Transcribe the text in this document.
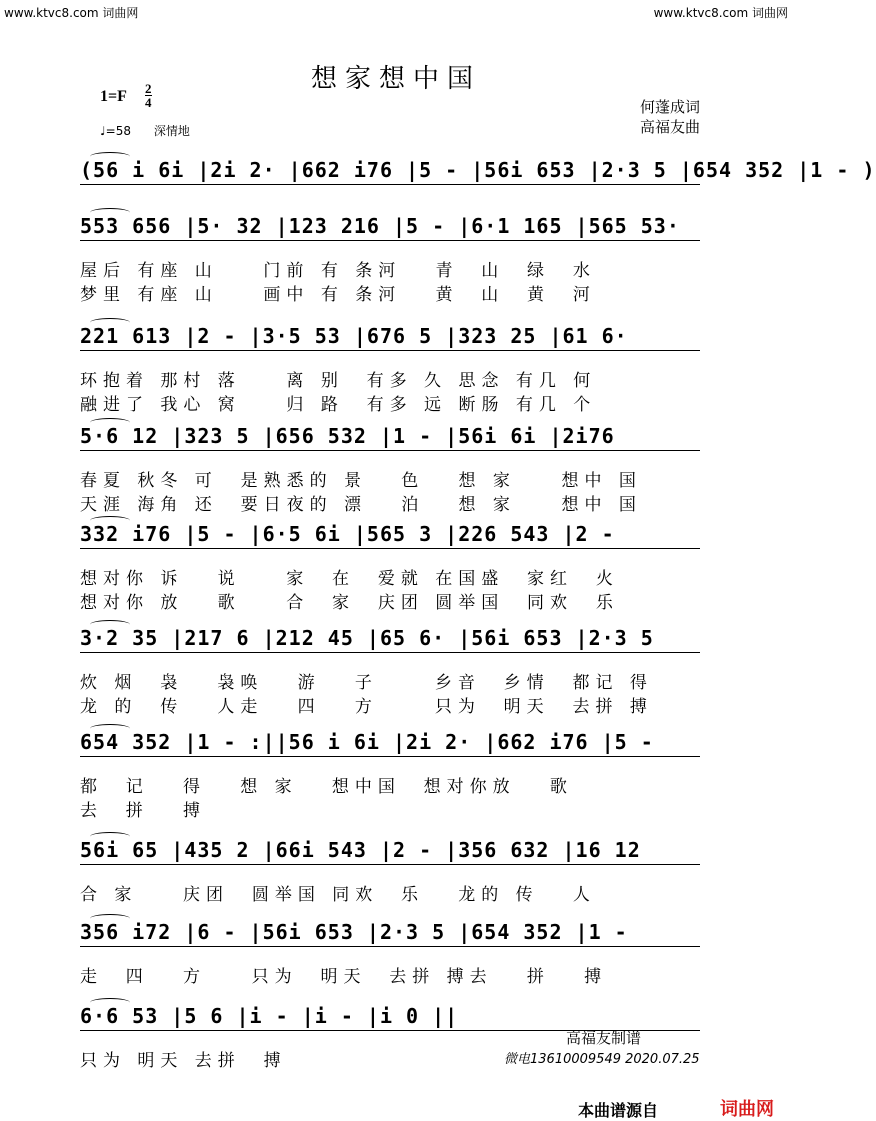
www.ktvc8.com 词曲网	www.ktvc8.com 词曲网
想家想中国
$1=F \frac{2}{4}$
♩=58 深情地
何蓬成词
高福友曲
(56 i 6i |2i 2· |662 i76 |5 - |56i 653 |2·3 5 |654 352 |1 - )
553 656 |5· 32 |123 216 |5 - |6·1 165 |565 53·
屋后 有座 山    门前 有 条河   青  山  绿  水
梦里 有座 山    画中 有 条河   黄  山  黄  河
221 613 |2 - |3·5 53 |676 5 |323 25 |61 6·
环抱着 那村 落    离 别  有多 久 思念 有几 何
融进了 我心 窝    归 路  有多 远 断肠 有几 个
5·6 12 |323 5 |656 532 |1 - |56i 6i |2i76
春夏 秋冬 可  是熟悉的 景   色   想 家    想中 国
天涯 海角 还  要日夜的 漂   泊   想 家    想中 国
332 i76 |5 - |6·5 6i |565 3 |226 543 |2 -
想对你 诉   说    家  在  爱就 在国盛  家红  火
想对你 放   歌    合  家  庆团 圆举国  同欢  乐
3·2 35 |217 6 |212 45 |65 6· |56i 653 |2·3 5
炊 烟  袅   袅唤   游   子     乡音  乡情  都记 得
龙 的  传   人走   四   方     只为  明天  去拼 搏
654 352 |1 - :||56 i 6i |2i 2· |662 i76 |5 -
都  记   得   想 家   想中国  想对你放   歌
去  拼   搏
56i 65 |435 2 |66i 543 |2 - |356 632 |16 12
合 家    庆团  圆举国 同欢  乐   龙的 传   人
356 i72 |6 - |56i 653 |2·3 5 |654 352 |1 -
走  四   方    只为  明天  去拼 搏去   拼   搏
6·6 53 |5 6 |i - |i - |i 0 ||
只为 明天 去拼  搏
高福友制谱
微电13610009549 2020.07.25
本曲谱源自	词曲网
